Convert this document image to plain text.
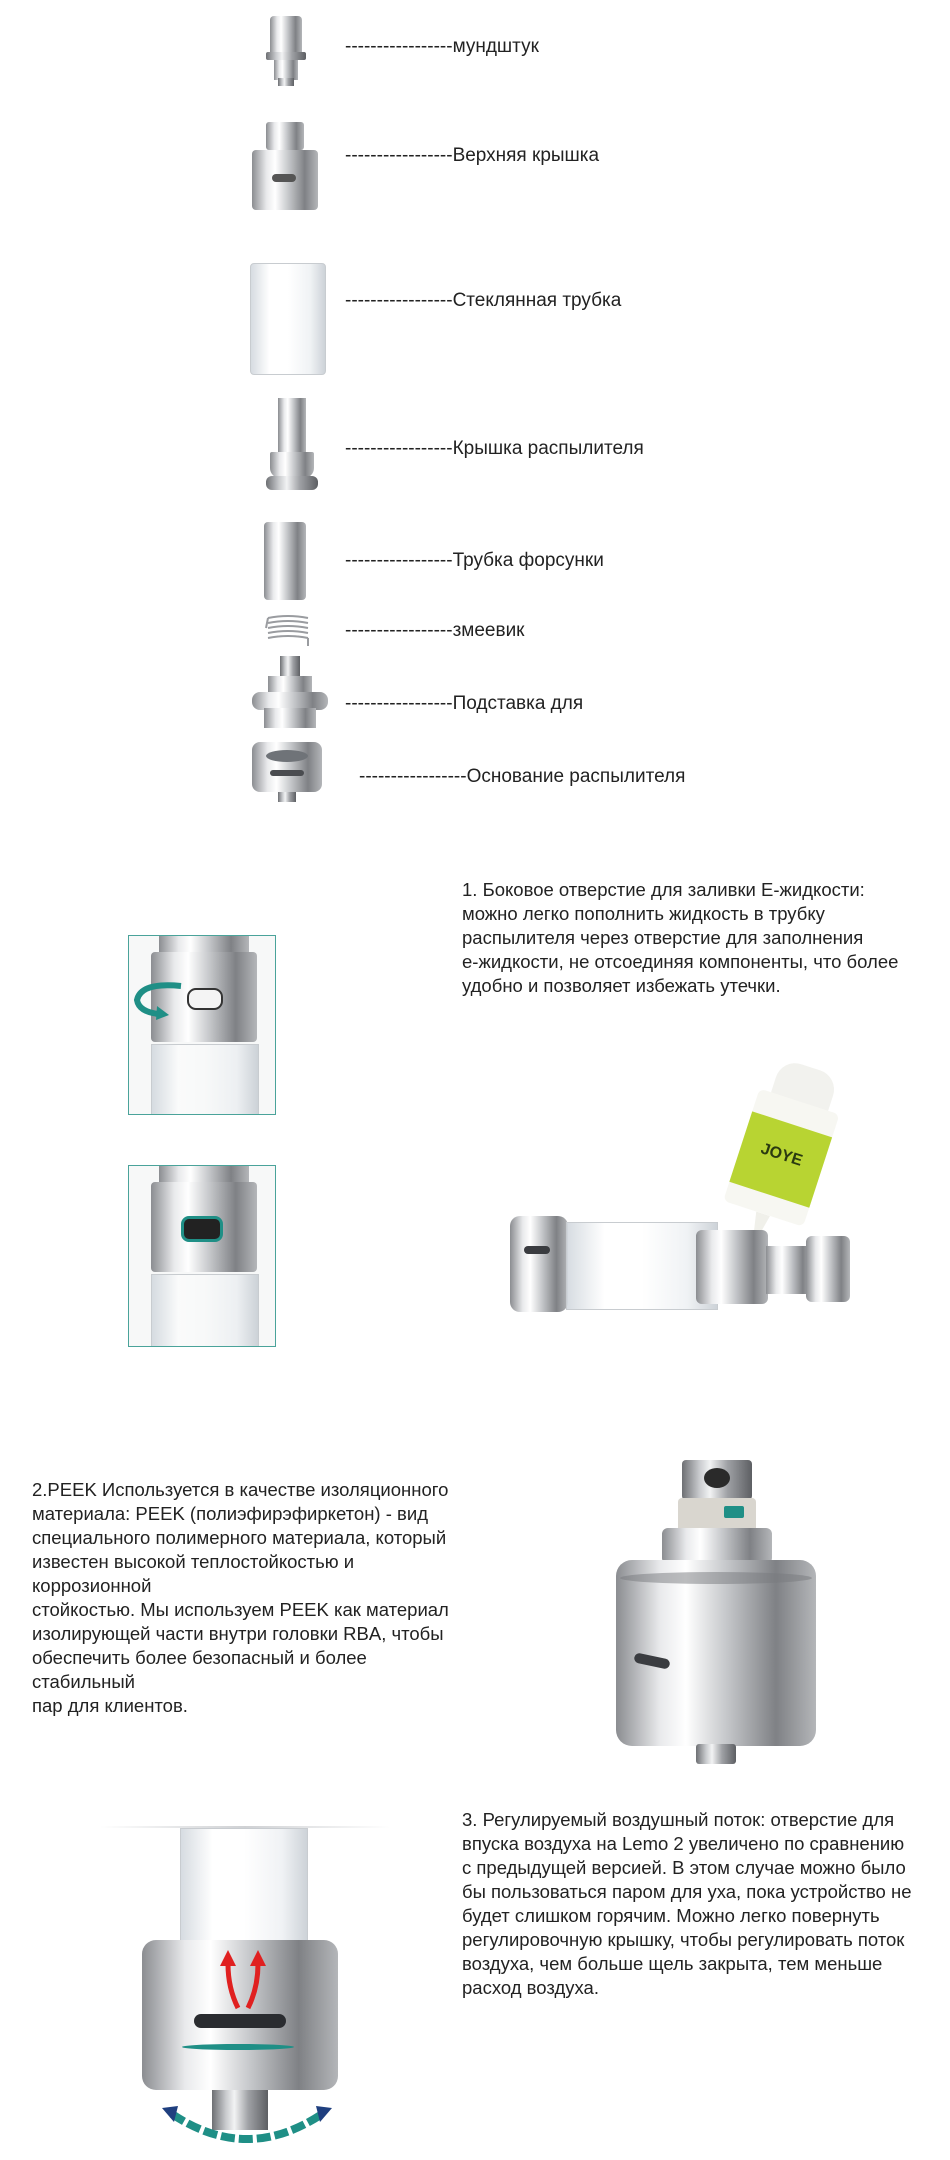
-----------------мундштук
-----------------Верхняя крышка
-----------------Стеклянная трубка
-----------------Крышка распылителя
-----------------Трубка форсунки
-----------------змеевик
-----------------Подставка для
-----------------Основание распылителя
1. Боковое отверстие для заливки E-жидкости:
можно легко пополнить жидкость в трубку
распылителя через отверстие для заполнения
е-жидкости, не отсоединяя компоненты, что более
удобно и позволяет избежать утечки.
JOYE
2.PEEK Используется в качестве изоляционного
материала: PEEK (полиэфирэфиркетон) - вид
специального полимерного материала, который
известен высокой теплостойкостью и коррозионной
стойкостью. Мы используем PEEK как материал
изолирующей части внутри головки RBA, чтобы
обеспечить более безопасный и более стабильный
пар для клиентов.
3. Регулируемый воздушный поток: отверстие для
впуска воздуха на Lemo 2 увеличено по сравнению
с предыдущей версией. В этом случае можно было
бы пользоваться паром для уха, пока устройство не
будет слишком горячим. Можно легко повернуть
регулировочную крышку, чтобы регулировать поток
воздуха, чем больше щель закрыта, тем меньше
расход воздуха.
